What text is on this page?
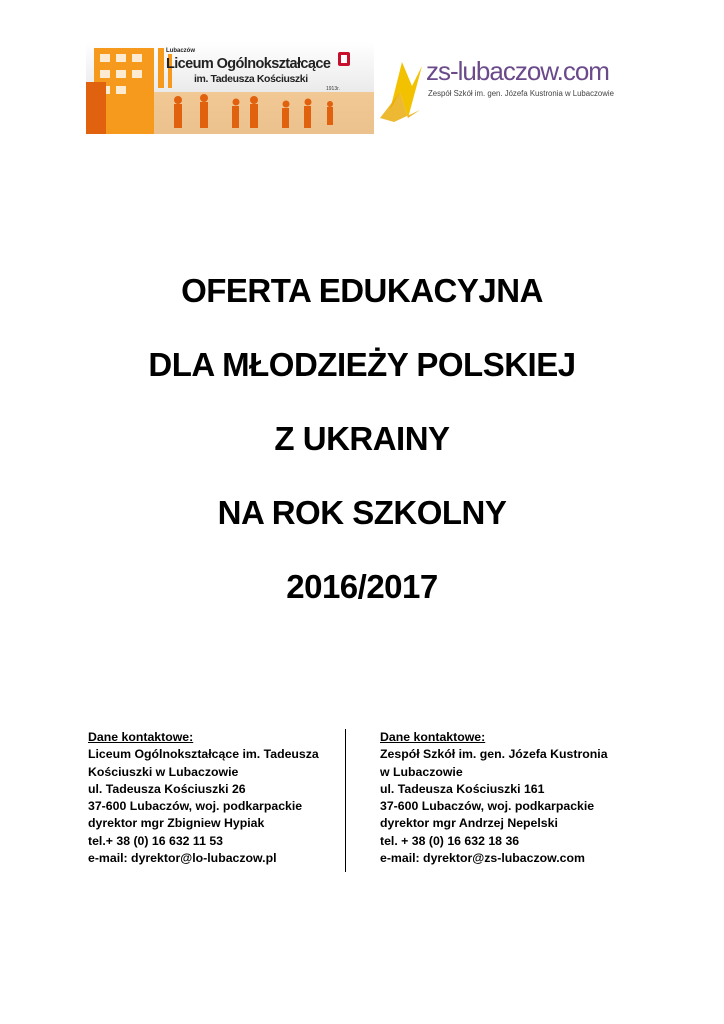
Lubaczów
Liceum Ogólnokształcące
im. Tadeusza Kościuszki
1913r.
zs-lubaczow.com
Zespół Szkół im. gen. Józefa Kustronia w Lubaczowie
OFERTA EDUKACYJNA
DLA MŁODZIEŻY POLSKIEJ
Z UKRAINY
NA ROK SZKOLNY
2016/2017
Dane kontaktowe:
Liceum Ogólnokształcące im. Tadeusza
Kościuszki w Lubaczowie
ul. Tadeusza Kościuszki 26
37-600 Lubaczów, woj. podkarpackie
dyrektor mgr Zbigniew Hypiak
tel.+ 38 (0) 16 632 11 53
e-mail: dyrektor@lo-lubaczow.pl
Dane kontaktowe:
Zespół Szkół im. gen. Józefa Kustronia
w Lubaczowie
ul. Tadeusza Kościuszki 161
37-600 Lubaczów, woj. podkarpackie
dyrektor mgr Andrzej Nepelski
tel. + 38 (0) 16 632 18 36
e-mail: dyrektor@zs-lubaczow.com
